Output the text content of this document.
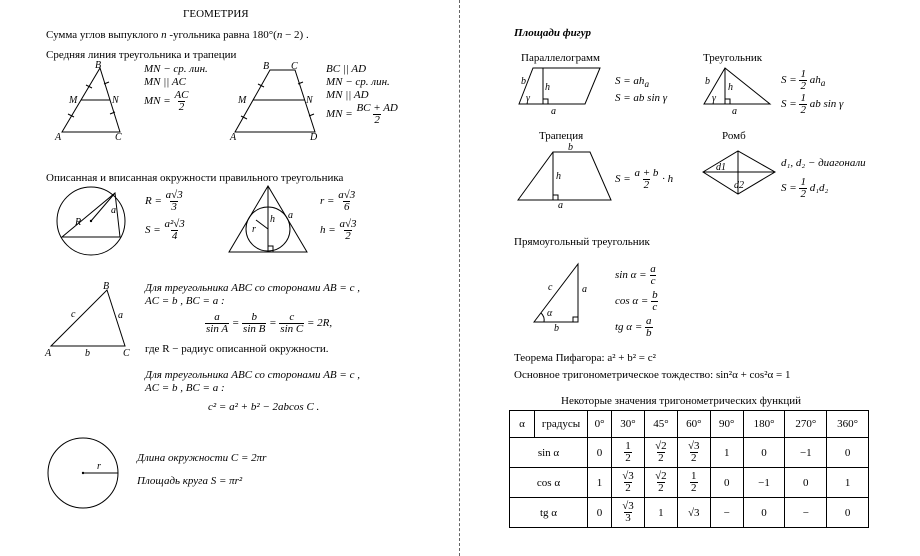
ГЕОМЕТРИЯ
Сумма углов выпуклого n -угольника равна 180°(n − 2) .
Средняя линия треугольника и трапеции
B
M	N
A	C
MN − ср. лин.
MN || AC
MN = $\frac{AC}{2}$
B C
M	N
A	D
BC || AD
MN − ср. лин.
MN || AD
MN = $\frac{BC + AD}{2}$
Описанная и вписанная окружности правильного треугольника
R
a
$R = \frac{a√3}{3}$
$S = \frac{\text{a²√3}}{4}$	h
r
a
$r = \frac{a√3}{6}$
$h = \frac{a√3}{2}$
B
c	a
A	b	C
Для треугольника ABC со сторонами AB = c ,
AC = b , BC = a :
$\frac{a}{\text{sin A}} = \frac{b}{\text{sin B}} = \frac{c}{\text{sin C}} = 2R$,
где R − радиус описанной окружности.
Для треугольника ABC со сторонами AB = c ,
AC = b , BC = a :
c² = a² + b² − 2abcos C .
r
Длина окружности C = 2πr
Площадь круга S = πr²
Площади фигур
Параллелограмм
b
h
γ
a
$S = ah_a$
S = ab sin γ
Треугольник
b
h
γ
a
$S = \frac{1}{2} ah_a$
$S = \frac{1}{2}$ ab sin γ
Трапеция
b
h
a
$S = \frac{a + b}{2} \cdot h$
Ромб
d1
d2
d₁, d₂ − диагонали
$S = \frac{1}{2} d_1d_2$
Прямоугольный треугольник
c	a
α
b
$\sin \alpha = \frac{a}{c}$
$\cos \alpha = \frac{b}{c}$
tg $\alpha = \frac{a}{b}$
Теорема Пифагора: a² + b² = c²
Основное тригонометрическое тождество: sin²α + cos²α = 1
Некоторые значения тригонометрических функций
α	градусы	0°	30°	45°	60°	90°	180°	270°	360°
sin α		0	$\frac{1}{2}$	$\frac{√2}{2}$	$\frac{√3}{2}$	1	0	−1	0
cos α		1	$\frac{√3}{2}$	$\frac{√2}{2}$	$\frac{1}{2}$	0	−1	0	1
tg α		0	$\frac{√3}{3}$	1	√3	−	0	−	0
